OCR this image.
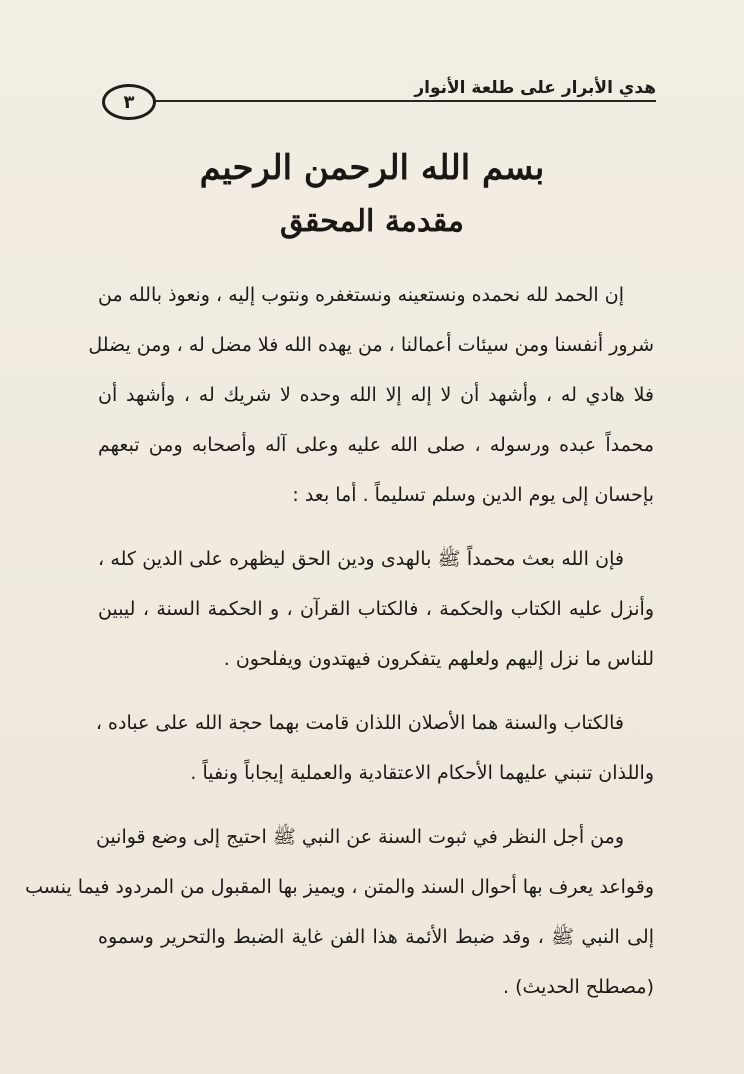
هدي الأبرار على طلعة الأنوار
٣
بسم الله الرحمن الرحيم
مقدمة المحقق
إن الحمد لله نحمده ونستعينه ونستغفره ونتوب إليه ، ونعوذ بالله من
شرور أنفسنا ومن سيئات أعمالنا ، من يهده الله فلا مضل له ، ومن يضلل
فلا هادي له ، وأشهد أن لا إله إلا الله وحده لا شريك له ، وأشهد أن
محمداً عبده ورسوله ، صلى الله عليه وعلى آله وأصحابه ومن تبعهم
بإحسان إلى يوم الدين وسلم تسليماً . أما بعد :
فإن الله بعث محمداً ﷺ بالهدى ودين الحق ليظهره على الدين كله ،
وأنزل عليه الكتاب والحكمة ، فالكتاب القرآن ، و الحكمة السنة ، ليبين
للناس ما نزل إليهم ولعلهم يتفكرون فيهتدون ويفلحون .
فالكتاب والسنة هما الأصلان اللذان قامت بهما حجة الله على عباده ،
واللذان تنبني عليهما الأحكام الاعتقادية والعملية إيجاباً ونفياً .
ومن أجل النظر في ثبوت السنة عن النبي ﷺ احتيج إلى وضع قوانين
وقواعد يعرف بها أحوال السند والمتن ، ويميز بها المقبول من المردود فيما ينسب
إلى النبي ﷺ ، وقد ضبط الأئمة هذا الفن غاية الضبط والتحرير وسموه
(مصطلح الحديث) .
